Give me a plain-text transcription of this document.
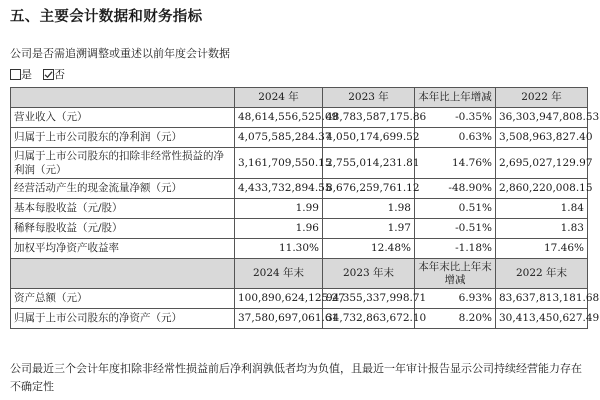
五、主要会计数据和财务指标
公司是否需追溯调整或重述以前年度会计数据
是 否
	2024 年	2023 年	本年比上年增减	2022 年
营业收入（元）	48,614,556,525.09	48,783,587,175.86	-0.35%	36,303,947,808.53
归属于上市公司股东的净利润（元）	4,075,585,284.37	4,050,174,699.52	0.63%	3,508,963,827.40
归属于上市公司股东的扣除非经常性损益的净利润（元）	3,161,709,550.15	2,755,014,231.81	14.76%	2,695,027,129.97
经营活动产生的现金流量净额（元）	4,433,732,894.55	8,676,259,761.12	-48.90%	2,860,220,008.15
基本每股收益（元/股）	1.99	1.98	0.51%	1.84
稀释每股收益（元/股）	1.96	1.97	-0.51%	1.83
加权平均净资产收益率	11.30%	12.48%	-1.18%	17.46%
	2024 年末	2023 年末	本年末比上年末增减	2022 年末
资产总额（元）	100,890,624,125.27	94,355,337,998.71	6.93%	83,637,813,181.68
归属于上市公司股东的净资产（元）	37,580,697,061.61	34,732,863,672.10	8.20%	30,413,450,627.49
公司最近三个会计年度扣除非经常性损益前后净利润孰低者均为负值，且最近一年审计报告显示公司持续经营能力存在不确定性
